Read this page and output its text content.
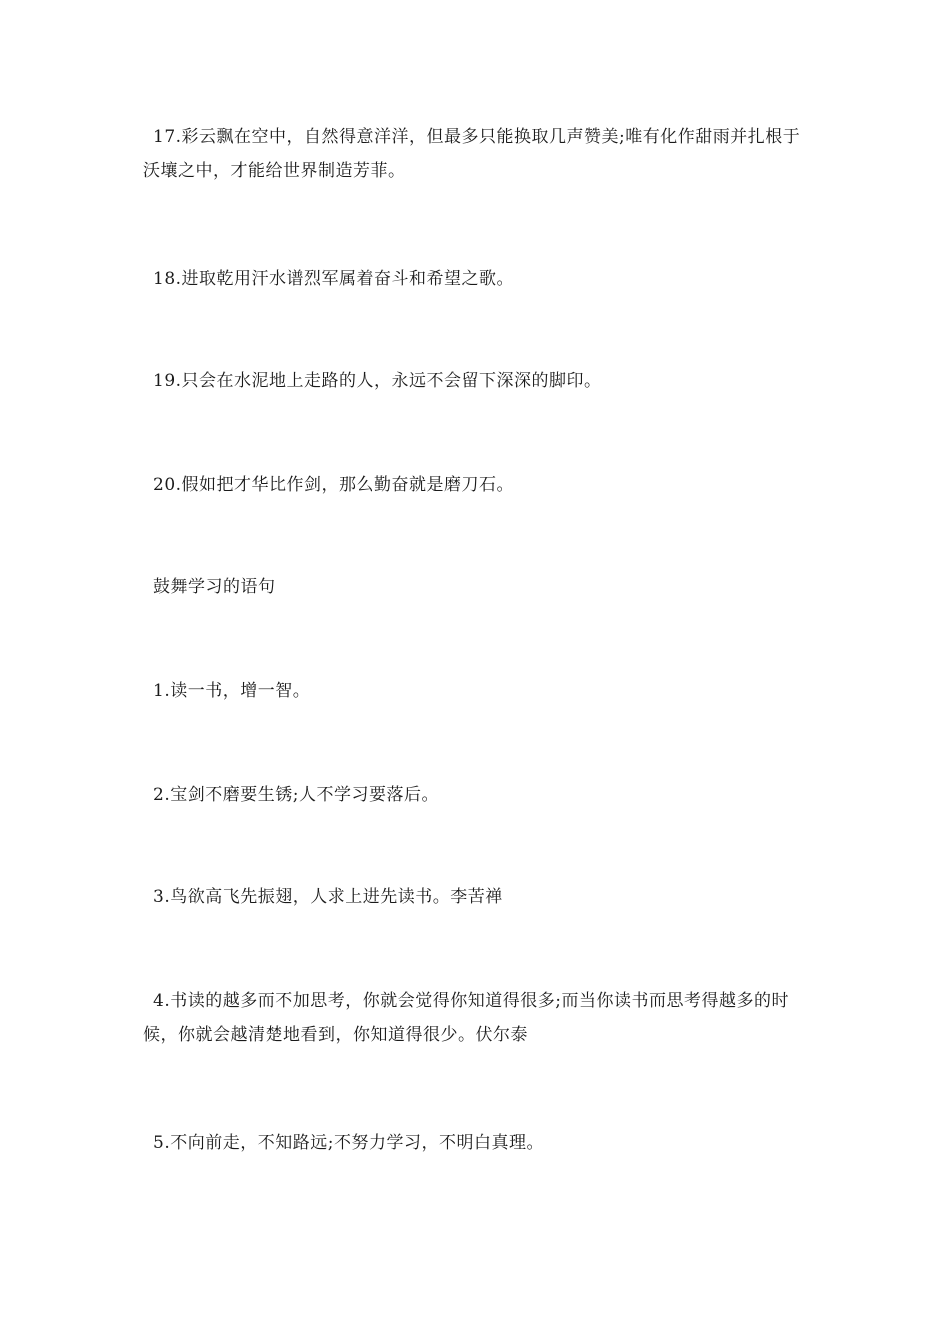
17.彩云飘在空中，自然得意洋洋，但最多只能换取几声赞美;唯有化作甜雨并扎根于沃壤之中，才能给世界制造芳菲。

18.进取乾用汗水谱烈军属着奋斗和希望之歌。

19.只会在水泥地上走路的人，永远不会留下深深的脚印。

20.假如把才华比作剑，那么勤奋就是磨刀石。

鼓舞学习的语句

1.读一书，增一智。

2.宝剑不磨要生锈;人不学习要落后。

3.鸟欲高飞先振翅，人求上进先读书。李苦禅

4.书读的越多而不加思考，你就会觉得你知道得很多;而当你读书而思考得越多的时候，你就会越清楚地看到，你知道得很少。伏尔泰

5.不向前走，不知路远;不努力学习，不明白真理。
